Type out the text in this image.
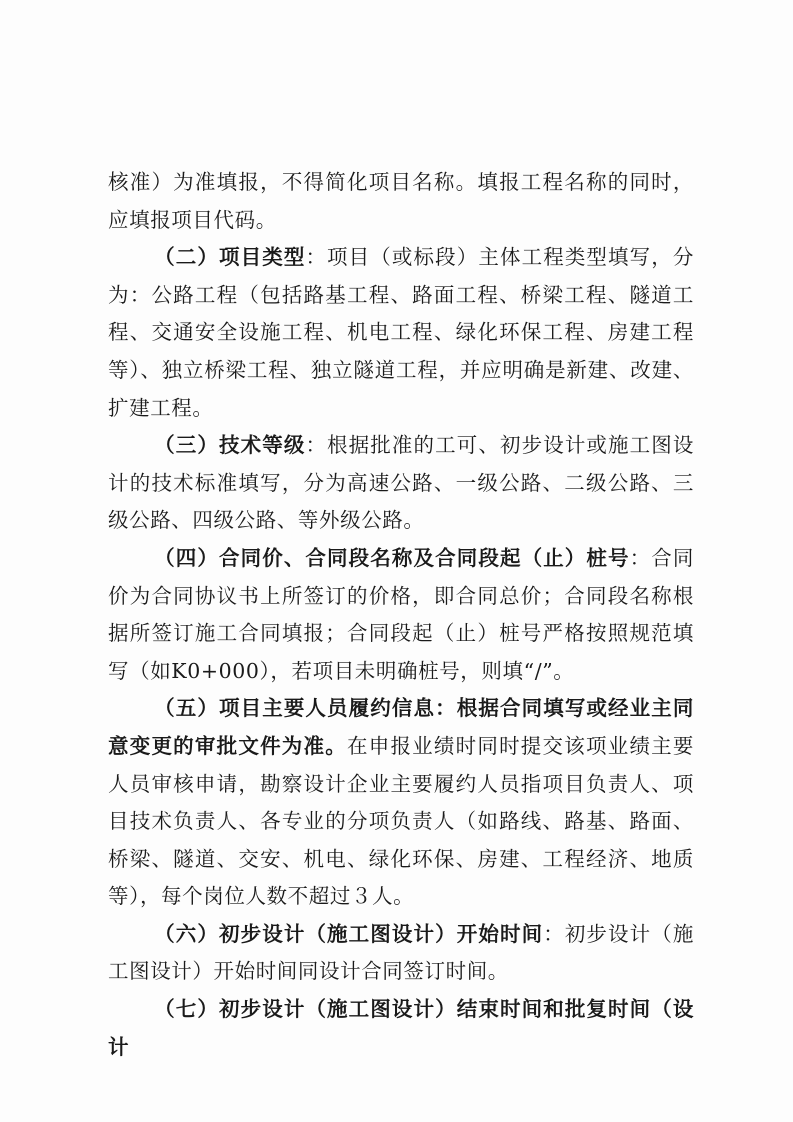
核准）为准填报，不得简化项目名称。填报工程名称的同时，应填报项目代码。

（二）项目类型：项目（或标段）主体工程类型填写，分为：公路工程（包括路基工程、路面工程、桥梁工程、隧道工程、交通安全设施工程、机电工程、绿化环保工程、房建工程等）、独立桥梁工程、独立隧道工程，并应明确是新建、改建、扩建工程。

（三）技术等级：根据批准的工可、初步设计或施工图设计的技术标准填写，分为高速公路、一级公路、二级公路、三级公路、四级公路、等外级公路。

（四）合同价、合同段名称及合同段起（止）桩号：合同价为合同协议书上所签订的价格，即合同总价；合同段名称根据所签订施工合同填报；合同段起（止）桩号严格按照规范填写（如K0+000），若项目未明确桩号，则填“/”。

（五）项目主要人员履约信息：根据合同填写或经业主同意变更的审批文件为准。在申报业绩时同时提交该项业绩主要人员审核申请，勘察设计企业主要履约人员指项目负责人、项目技术负责人、各专业的分项负责人（如路线、路基、路面、桥梁、隧道、交安、机电、绿化环保、房建、工程经济、地质等），每个岗位人数不超过３人。

（六）初步设计（施工图设计）开始时间：初步设计（施工图设计）开始时间同设计合同签订时间。

（七）初步设计（施工图设计）结束时间和批复时间（设计
